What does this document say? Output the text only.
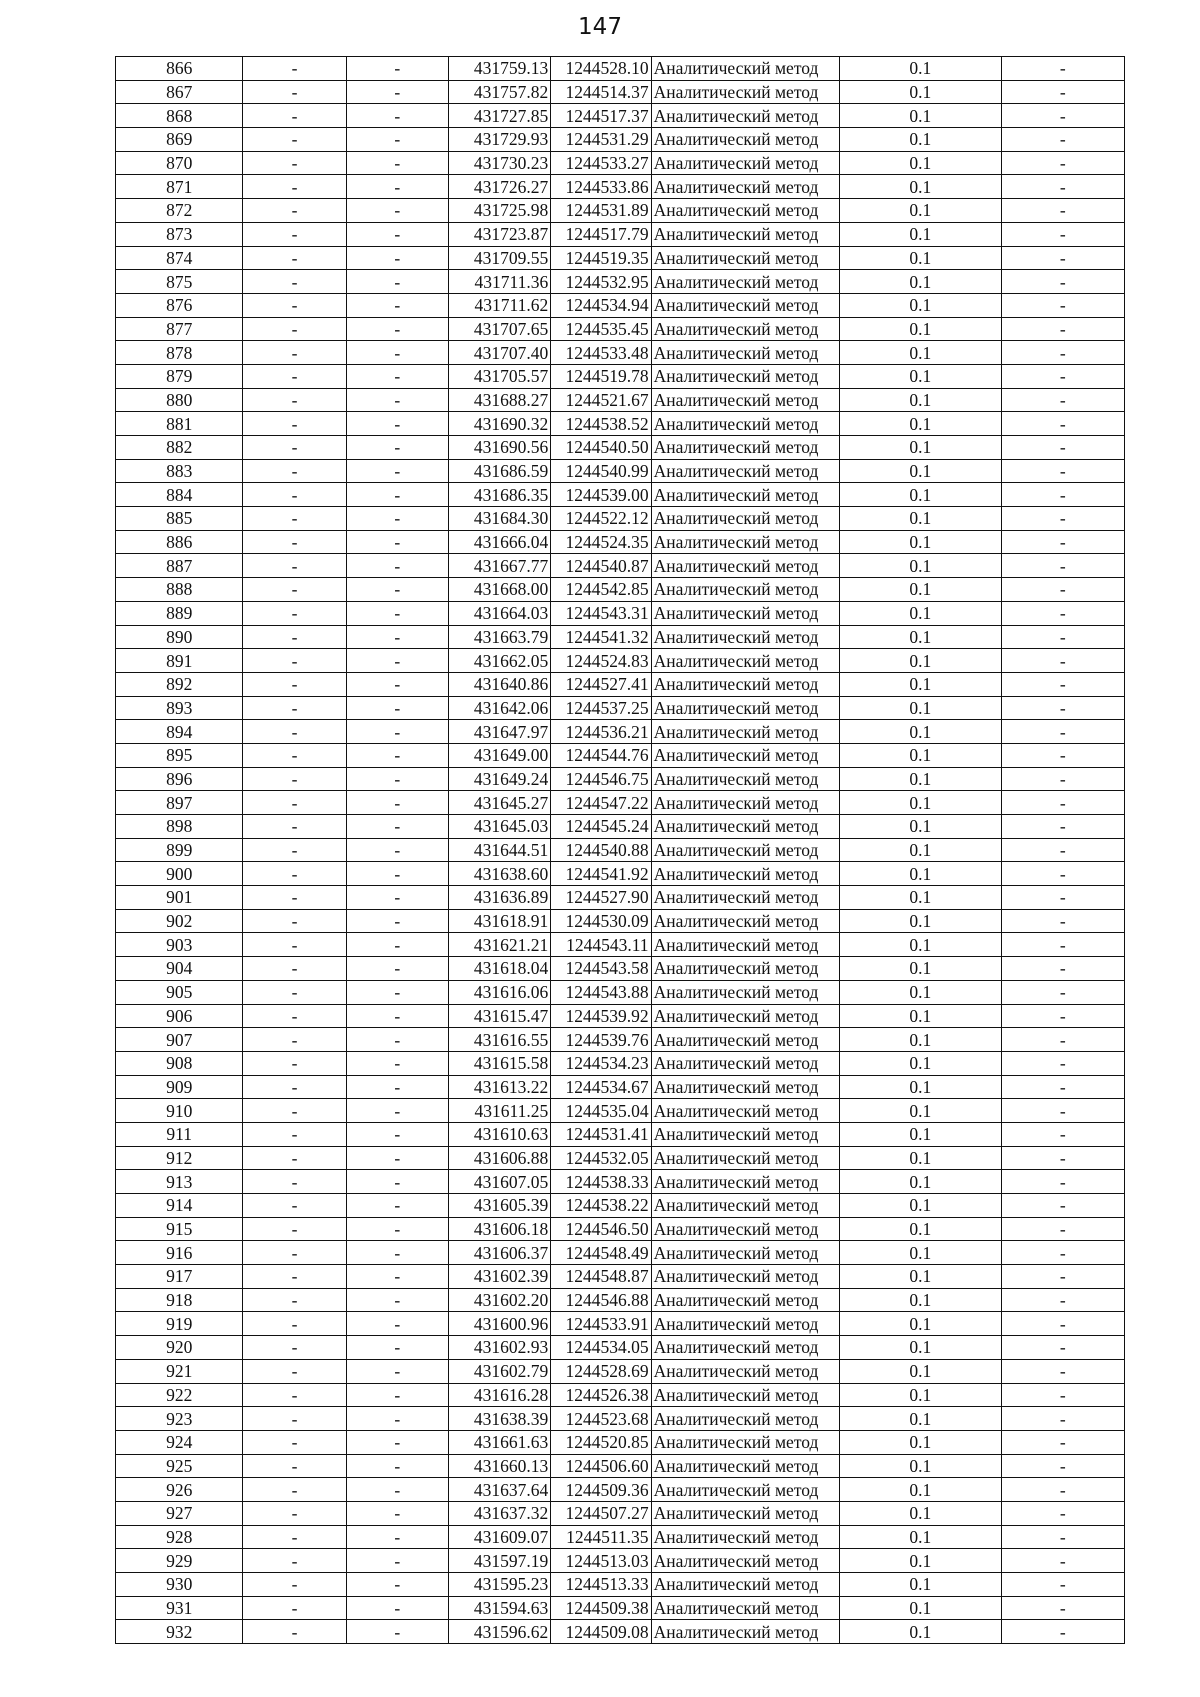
147
866	-	-	431759.13	1244528.10	Аналитический метод	0.1	-
867	-	-	431757.82	1244514.37	Аналитический метод	0.1	-
868	-	-	431727.85	1244517.37	Аналитический метод	0.1	-
869	-	-	431729.93	1244531.29	Аналитический метод	0.1	-
870	-	-	431730.23	1244533.27	Аналитический метод	0.1	-
871	-	-	431726.27	1244533.86	Аналитический метод	0.1	-
872	-	-	431725.98	1244531.89	Аналитический метод	0.1	-
873	-	-	431723.87	1244517.79	Аналитический метод	0.1	-
874	-	-	431709.55	1244519.35	Аналитический метод	0.1	-
875	-	-	431711.36	1244532.95	Аналитический метод	0.1	-
876	-	-	431711.62	1244534.94	Аналитический метод	0.1	-
877	-	-	431707.65	1244535.45	Аналитический метод	0.1	-
878	-	-	431707.40	1244533.48	Аналитический метод	0.1	-
879	-	-	431705.57	1244519.78	Аналитический метод	0.1	-
880	-	-	431688.27	1244521.67	Аналитический метод	0.1	-
881	-	-	431690.32	1244538.52	Аналитический метод	0.1	-
882	-	-	431690.56	1244540.50	Аналитический метод	0.1	-
883	-	-	431686.59	1244540.99	Аналитический метод	0.1	-
884	-	-	431686.35	1244539.00	Аналитический метод	0.1	-
885	-	-	431684.30	1244522.12	Аналитический метод	0.1	-
886	-	-	431666.04	1244524.35	Аналитический метод	0.1	-
887	-	-	431667.77	1244540.87	Аналитический метод	0.1	-
888	-	-	431668.00	1244542.85	Аналитический метод	0.1	-
889	-	-	431664.03	1244543.31	Аналитический метод	0.1	-
890	-	-	431663.79	1244541.32	Аналитический метод	0.1	-
891	-	-	431662.05	1244524.83	Аналитический метод	0.1	-
892	-	-	431640.86	1244527.41	Аналитический метод	0.1	-
893	-	-	431642.06	1244537.25	Аналитический метод	0.1	-
894	-	-	431647.97	1244536.21	Аналитический метод	0.1	-
895	-	-	431649.00	1244544.76	Аналитический метод	0.1	-
896	-	-	431649.24	1244546.75	Аналитический метод	0.1	-
897	-	-	431645.27	1244547.22	Аналитический метод	0.1	-
898	-	-	431645.03	1244545.24	Аналитический метод	0.1	-
899	-	-	431644.51	1244540.88	Аналитический метод	0.1	-
900	-	-	431638.60	1244541.92	Аналитический метод	0.1	-
901	-	-	431636.89	1244527.90	Аналитический метод	0.1	-
902	-	-	431618.91	1244530.09	Аналитический метод	0.1	-
903	-	-	431621.21	1244543.11	Аналитический метод	0.1	-
904	-	-	431618.04	1244543.58	Аналитический метод	0.1	-
905	-	-	431616.06	1244543.88	Аналитический метод	0.1	-
906	-	-	431615.47	1244539.92	Аналитический метод	0.1	-
907	-	-	431616.55	1244539.76	Аналитический метод	0.1	-
908	-	-	431615.58	1244534.23	Аналитический метод	0.1	-
909	-	-	431613.22	1244534.67	Аналитический метод	0.1	-
910	-	-	431611.25	1244535.04	Аналитический метод	0.1	-
911	-	-	431610.63	1244531.41	Аналитический метод	0.1	-
912	-	-	431606.88	1244532.05	Аналитический метод	0.1	-
913	-	-	431607.05	1244538.33	Аналитический метод	0.1	-
914	-	-	431605.39	1244538.22	Аналитический метод	0.1	-
915	-	-	431606.18	1244546.50	Аналитический метод	0.1	-
916	-	-	431606.37	1244548.49	Аналитический метод	0.1	-
917	-	-	431602.39	1244548.87	Аналитический метод	0.1	-
918	-	-	431602.20	1244546.88	Аналитический метод	0.1	-
919	-	-	431600.96	1244533.91	Аналитический метод	0.1	-
920	-	-	431602.93	1244534.05	Аналитический метод	0.1	-
921	-	-	431602.79	1244528.69	Аналитический метод	0.1	-
922	-	-	431616.28	1244526.38	Аналитический метод	0.1	-
923	-	-	431638.39	1244523.68	Аналитический метод	0.1	-
924	-	-	431661.63	1244520.85	Аналитический метод	0.1	-
925	-	-	431660.13	1244506.60	Аналитический метод	0.1	-
926	-	-	431637.64	1244509.36	Аналитический метод	0.1	-
927	-	-	431637.32	1244507.27	Аналитический метод	0.1	-
928	-	-	431609.07	1244511.35	Аналитический метод	0.1	-
929	-	-	431597.19	1244513.03	Аналитический метод	0.1	-
930	-	-	431595.23	1244513.33	Аналитический метод	0.1	-
931	-	-	431594.63	1244509.38	Аналитический метод	0.1	-
932	-	-	431596.62	1244509.08	Аналитический метод	0.1	-
